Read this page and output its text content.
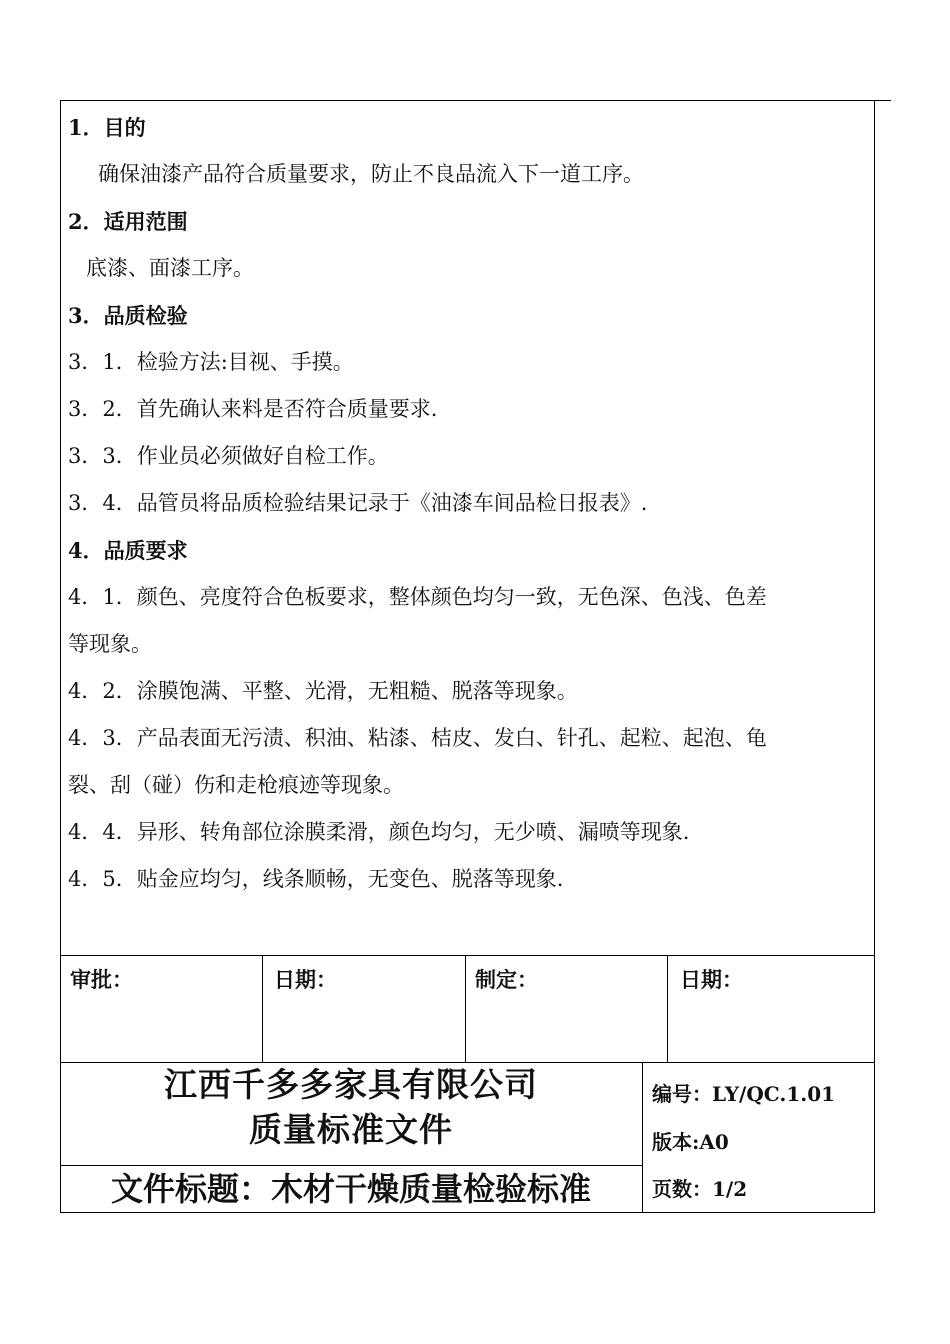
1．目的
确保油漆产品符合质量要求，防止不良品流入下一道工序。
2．适用范围
底漆、面漆工序。
3．品质检验
3．1．检验方法:目视、手摸。
3．2．首先确认来料是否符合质量要求.
3．3．作业员必须做好自检工作。
3．4．品管员将品质检验结果记录于《油漆车间品检日报表》.
4．品质要求
4．1．颜色、亮度符合色板要求，整体颜色均匀一致，无色深、色浅、色差
等现象。
4．2．涂膜饱满、平整、光滑，无粗糙、脱落等现象。
4．3．产品表面无污渍、积油、粘漆、桔皮、发白、针孔、起粒、起泡、龟
裂、刮（碰）伤和走枪痕迹等现象。
4．4．异形、转角部位涂膜柔滑，颜色均匀，无少喷、漏喷等现象.
4．5．贴金应均匀，线条顺畅，无变色、脱落等现象.
审批：	日期：	制定：	日期：
江西千多多家具有限公司
质量标准文件
文件标题：木材干燥质量检验标准
编号：LY/QC.1.01
版本:A0
页数：1/2
